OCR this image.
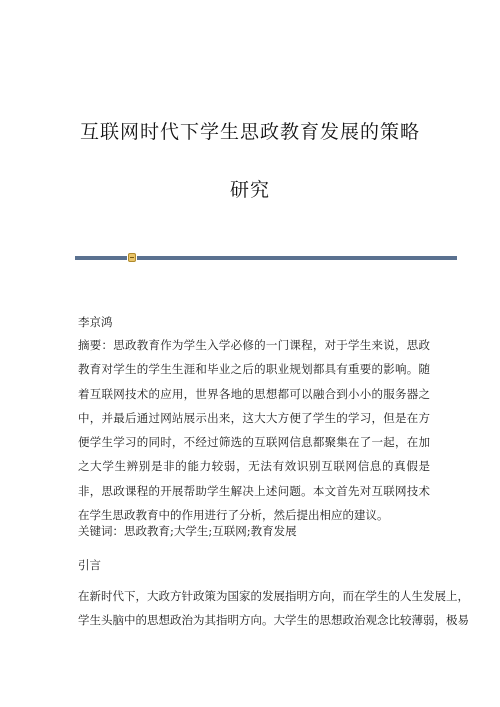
互联网时代下学生思政教育发展的策略
研究

李京鸿

摘要：思政教育作为学生入学必修的一门课程，对于学生来说，思政教育对学生的学生生涯和毕业之后的职业规划都具有重要的影响。随着互联网技术的应用，世界各地的思想都可以融合到小小的服务器之中，并最后通过网站展示出来，这大大方便了学生的学习，但是在方便学生学习的同时，不经过筛选的互联网信息都聚集在了一起，在加之大学生辨别是非的能力较弱，无法有效识别互联网信息的真假是非，思政课程的开展帮助学生解决上述问题。本文首先对互联网技术在学生思政教育中的作用进行了分析，然后提出相应的建议。

关键词：思政教育;大学生;互联网;教育发展

引言

在新时代下，大政方针政策为国家的发展指明方向，而在学生的人生发展上，
学生头脑中的思想政治为其指明方向。大学生的思想政治观念比较薄弱，极易
